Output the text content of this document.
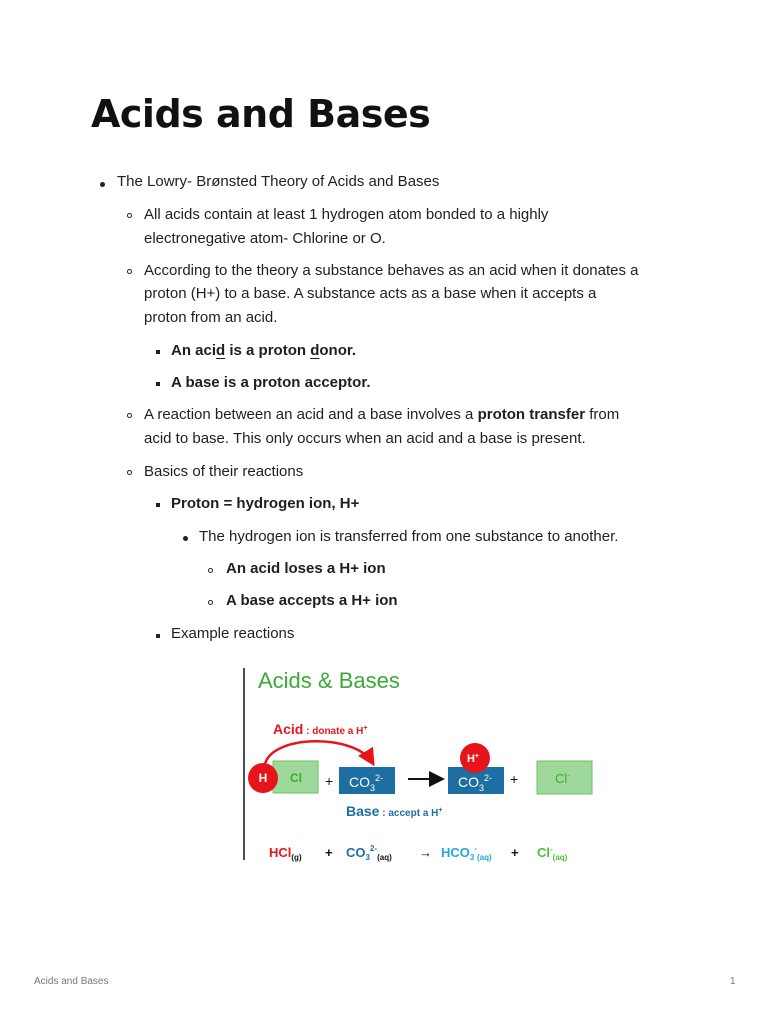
Acids and Bases
The Lowry- Brønsted Theory of Acids and Bases
All acids contain at least 1 hydrogen atom bonded to a highly
electronegative atom- Chlorine or O.
According to the theory a substance behaves as an acid when it donates a
proton (H+) to a base. A substance acts as a base when it accepts a
proton from an acid.
An acid is a proton donor.
A base is a proton acceptor.
A reaction between an acid and a base involves a proton transfer from
acid to base. This only occurs when an acid and a base is present.
Basics of their reactions
Proton = hydrogen ion, H+
The hydrogen ion is transferred from one substance to another.
An acid loses a H+ ion
A base accepts a H+ ion
Example reactions
Acids & Bases
Acid : donate a H+
Cl
H	+ $CO_3^{2-}$	$CO_3^{2-}$
H+
+	Cl-
Base : accept a H+
$HCl(g) + CO3^{2-}_{(aq)} \to HCO3^-_{(aq)} + Cl^-_{(aq)}$
Acids and Bases	1
